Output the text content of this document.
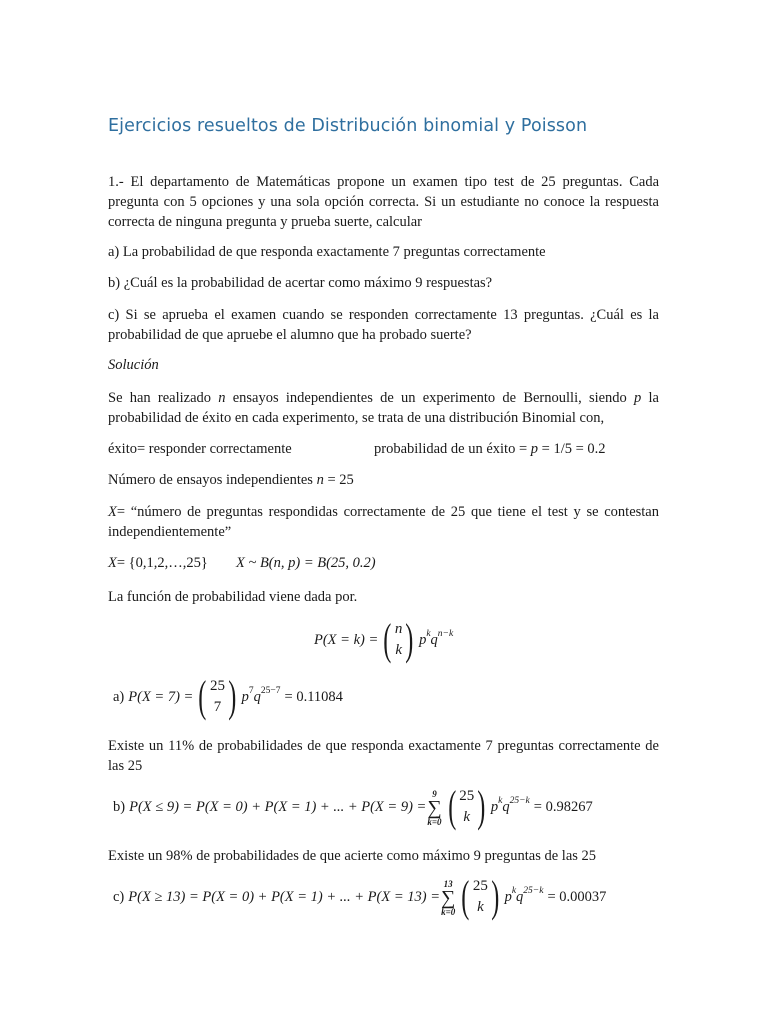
Ejercicios resueltos de Distribución binomial y Poisson
1.- El departamento de Matemáticas propone un examen tipo test de 25 preguntas. Cada pregunta con 5 opciones y una sola opción correcta. Si un estudiante no conoce la respuesta correcta de ninguna pregunta y prueba suerte, calcular
a) La probabilidad de que responda exactamente 7 preguntas correctamente
b) ¿Cuál es la probabilidad de acertar como máximo 9 respuestas?
c) Si se aprueba el examen cuando se responden correctamente 13 preguntas. ¿Cuál es la probabilidad de que apruebe el alumno que ha probado suerte?
Solución
Se han realizado n ensayos independientes de un experimento de Bernoulli, siendo p la probabilidad de éxito en cada experimento, se trata de una distribución Binomial con,
éxito= responder correctamente	probabilidad de un éxito = p = 1/5 = 0.2
Número de ensayos independientes n = 25
X= “número de preguntas respondidas correctamente de 25 que tiene el test y se contestan independientemente”
X= {0,1,2,…,25} X ~ B(n, p) = B(25, 0.2)
La función de probabilidad viene dada por.
P(X = k) = ( n
k ) $p^kq^{n-k}$
a) P(X = 7) = ( 25
7 ) $p^7q^{25-7} = 0.11084$
Existe un 11% de probabilidades de que responda exactamente 7 preguntas correctamente de las 25
b) P(X ≤ 9) = P(X = 0) + P(X = 1) + ... + P(X = 9) =
9
∑
k=0 ( 25
k ) $p^kq^{25-k} = 0.98267$
Existe un 98% de probabilidades de que acierte como máximo 9 preguntas de las 25
c) P(X ≥ 13) = P(X = 0) + P(X = 1) + ... + P(X = 13) =
13
∑
k=0 ( 25
k ) $p^kq^{25-k} = 0.00037$
